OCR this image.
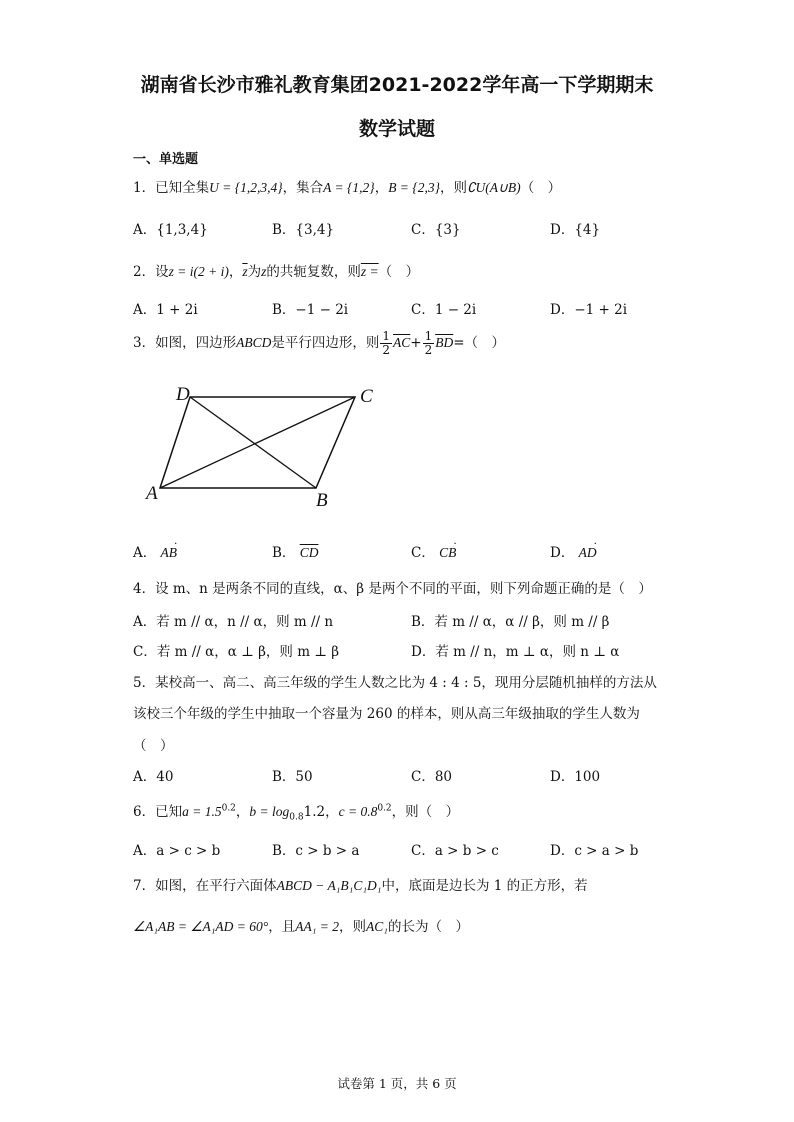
湖南省长沙市雅礼教育集团2021-2022学年高一下学期期末
数学试题
一、单选题
1．已知全集U = {1,2,3,4}，集合A = {1,2}，B = {2,3}，则∁U(A∪B)（　）
A．{1,3,4}	B．{3,4}	C．{3}	D．{4}
2．设z = i(2 + i)，$\overline{z}$为z的共轭复数，则z =（　）
A．1 + 2i	B．−1 − 2i	C．1 − 2i	D．−1 + 2i
3．如图，四边形ABCD是平行四边形，则 $\frac{1}{2} \overline{AC}+ \frac{1}{2} \overline{BD}=$（　）
D	C
A	B
A． AB ·	B． $\overline{CD}$	C． CB ·	D． AD ·
4．设 m、n 是两条不同的直线，α、β 是两个不同的平面，则下列命题正确的是（　）
A．若 m // α，n // α，则 m // n	B．若 m // α，α // β，则 m // β
C．若 m // α，α ⊥ β，则 m ⊥ β	D．若 m // n，m ⊥ α，则 n ⊥ α
5．某校高一、高二、高三年级的学生人数之比为 4 : 4 : 5，现用分层随机抽样的方法从
该校三个年级的学生中抽取一个容量为 260 的样本，则从高三年级抽取的学生人数为
（　）
A．40	B．50	C．80	D．100
6．已知$a = 1.5^{0.2}$，$b = \log_{0.8}1.2$，$c = 0.8^{0.2}$，则（　）
A．a > c > b	B．c > b > a	C．a > b > c	D．c > a > b
7．如图，在平行六面体ABCD − A₁B₁C₁D₁中，底面是边长为 1 的正方形，若
∠A₁AB = ∠A₁AD = 60°，且AA₁ = 2，则AC₁的长为（　）
试卷第 1 页，共 6 页
